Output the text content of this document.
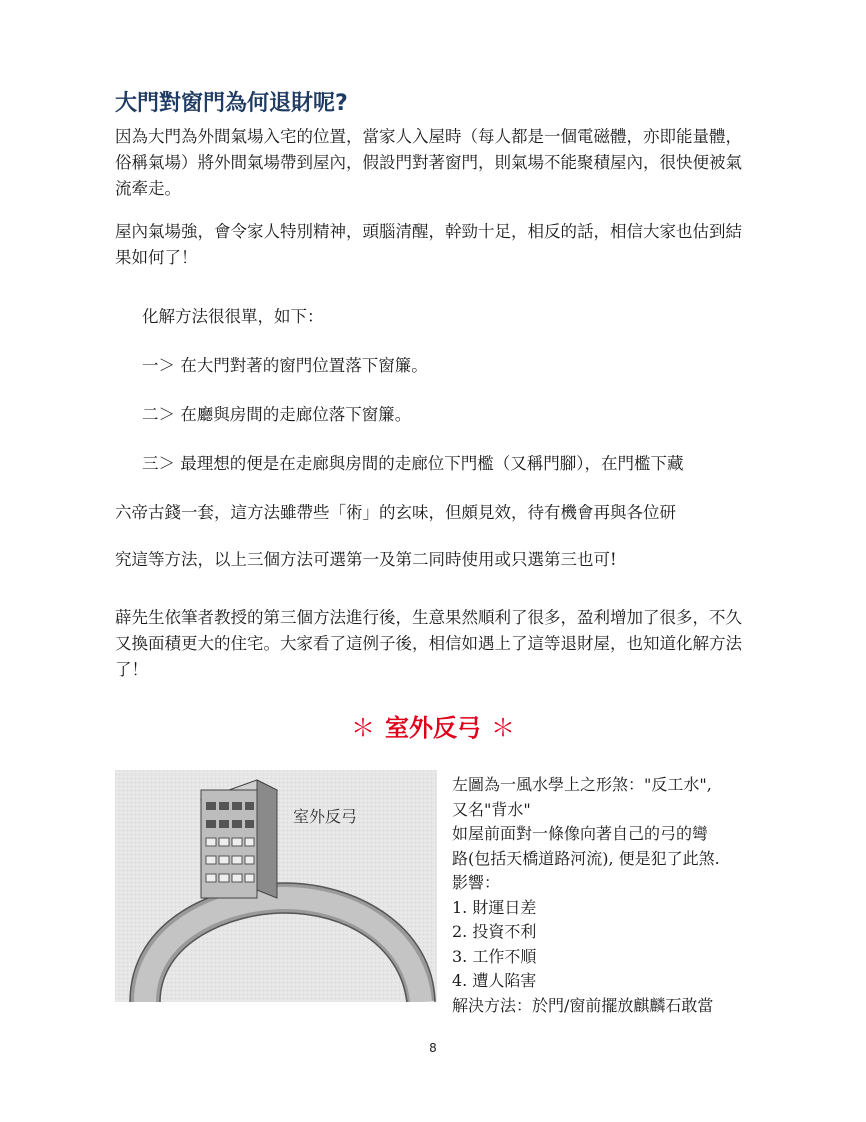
大門對窗門為何退財呢?

因為大門為外間氣場入宅的位置，當家人入屋時（每人都是一個電磁體，亦即能量體，俗稱氣場）將外間氣場帶到屋內，假設門對著窗門，則氣場不能聚積屋內，很快便被氣流牽走。

屋內氣場強，會令家人特別精神，頭腦清醒，幹勁十足，相反的話，相信大家也估到結果如何了！

化解方法很很單，如下：

一＞ 在大門對著的窗門位置落下窗簾。

二＞ 在廳與房間的走廊位落下窗簾。

三＞ 最理想的便是在走廊與房間的走廊位下門檻（又稱門腳），在門檻下藏

六帝古錢一套，這方法雖帶些「術」的玄味，但頗見效，待有機會再與各位研

究這等方法，以上三個方法可選第一及第二同時使用或只選第三也可!

薜先生依筆者教授的第三個方法進行後，生意果然順利了很多，盈利增加了很多，不久又換面積更大的住宅。大家看了這例子後，相信如遇上了這等退財屋，也知道化解方法了！

＊ 室外反弓 ＊
室外反弓
左圖為一風水學上之形煞："反工水",
又名"背水"
如屋前面對一條像向著自己的弓的彎
路(包括天橋道路河流), 便是犯了此煞.
影響：
1. 財運日差
2. 投資不利
3. 工作不順
4. 遭人陷害
解決方法：於門/窗前擺放麒麟石敢當
8
